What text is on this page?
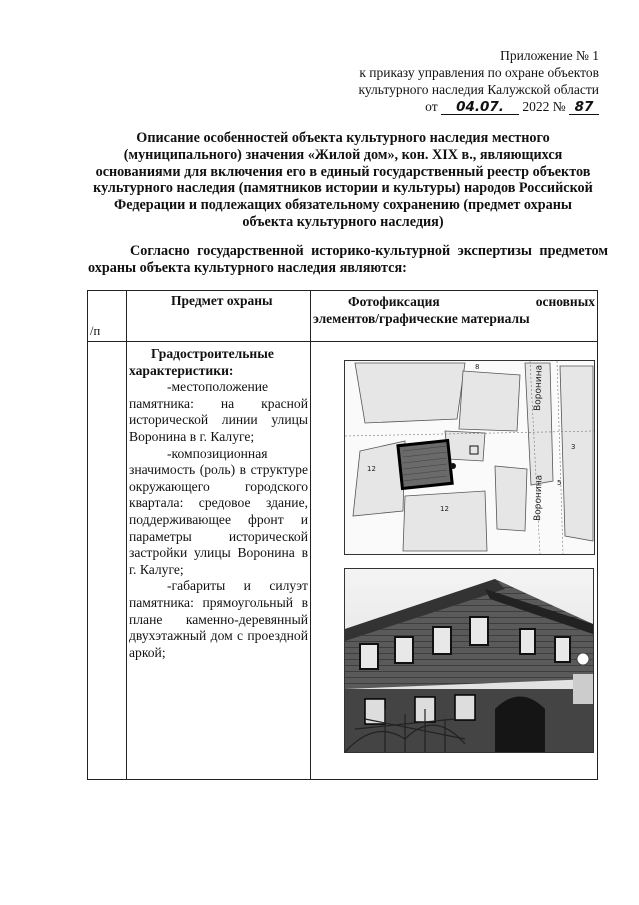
Приложение № 1
к приказу управления по охране объектов
культурного наследия Калужской области
от 04.07. 2022 № 87
Описание особенностей объекта культурного наследия местного
(муниципального) значения «Жилой дом», кон. XIX в., являющихся
основаниями для включения его в единый государственный реестр объектов
культурного наследия (памятников истории и культуры) народов Российской
Федерации и подлежащих обязательному сохранению (предмет охраны
объекта культурного наследия)
Согласно государственной историко-культурной экспертизы предметом охраны объекта культурного наследия являются:
/п	Предмет охраны	Фотофиксация основных
элементов/графические материалы

	Градостроительные характеристики:
-местоположение памятника: на красной исторической линии улицы Воронина в г. Калуге;
-композиционная значимость (роль) в структуре окружающего городского квартала: средовое здание, поддерживающее фронт и параметры исторической застройки улицы Воронина в г. Калуге;
-габариты и силуэт памятника: прямоугольный в плане каменно-деревянный двухэтажный дом с проездной аркой;	

Воронина
Воронина
8
12
5
12
3
